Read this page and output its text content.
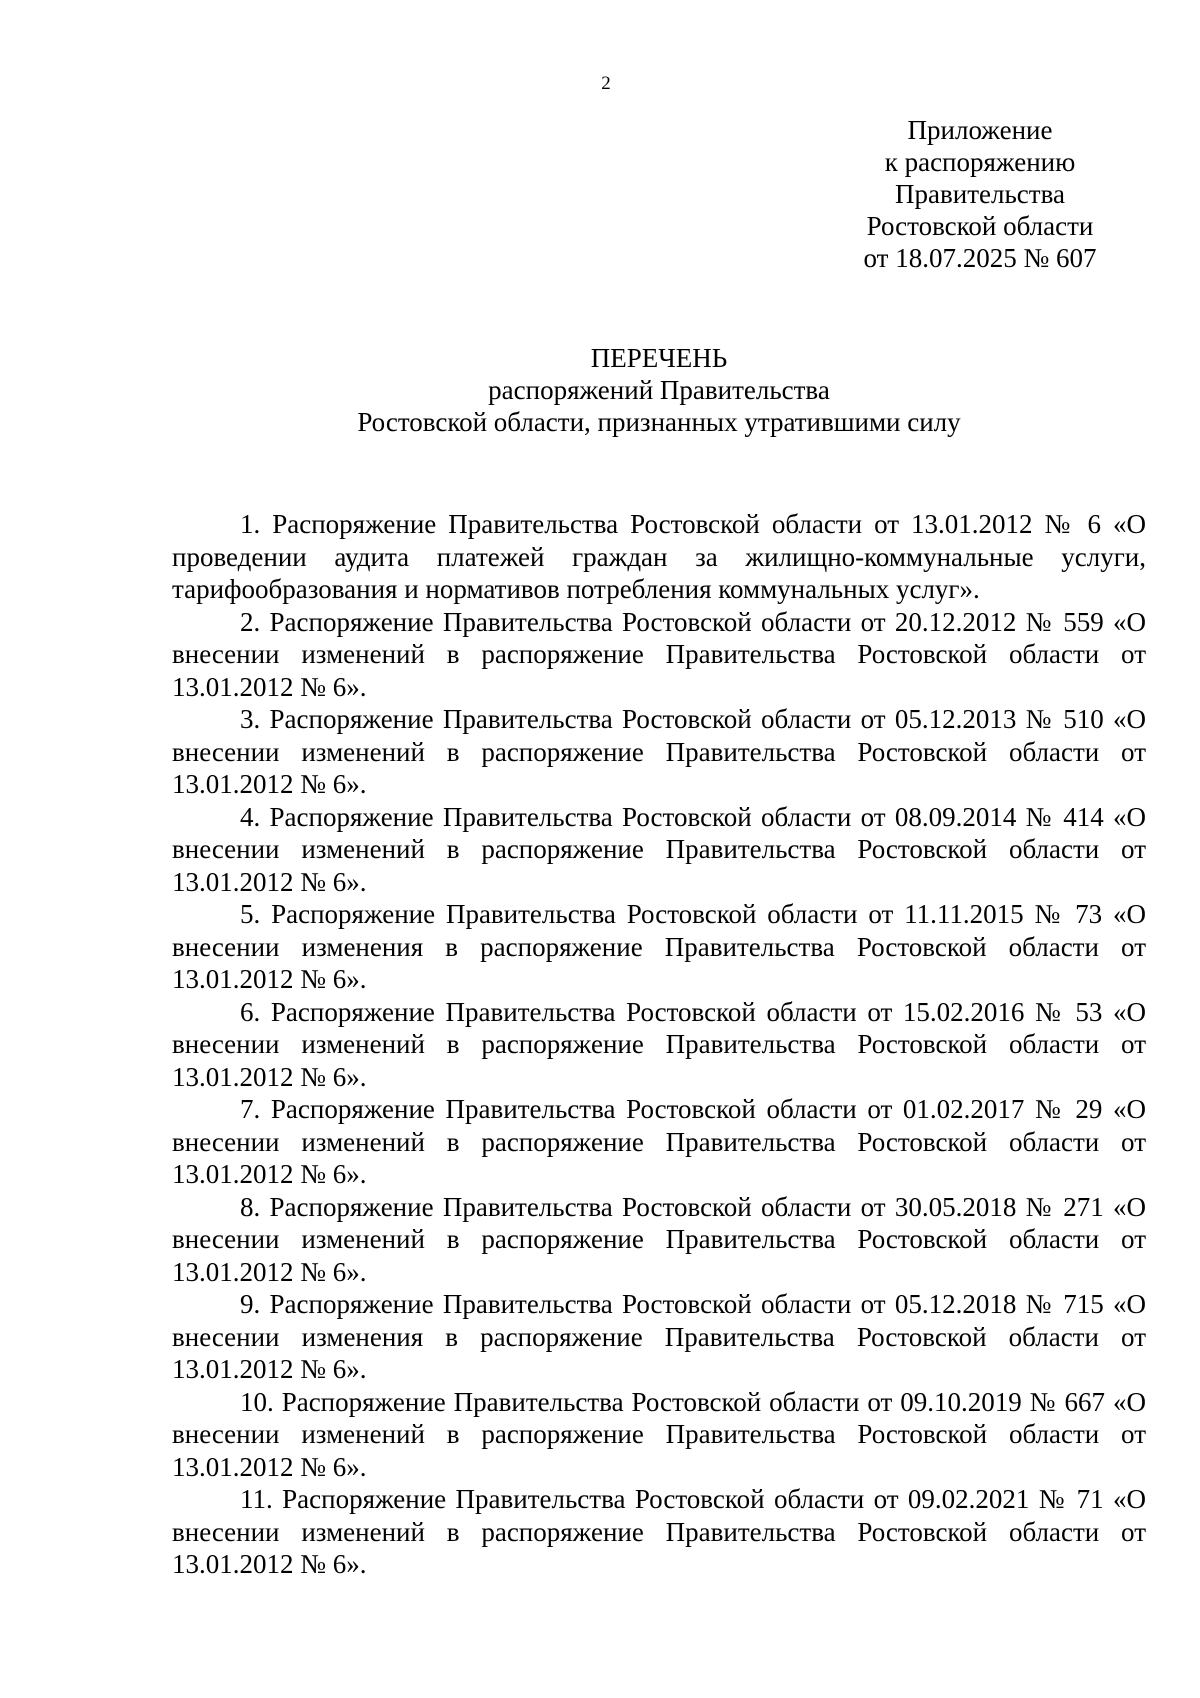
2
Приложение
к распоряжению
Правительства
Ростовской области
от 18.07.2025 № 607
ПЕРЕЧЕНЬ
распоряжений Правительства
Ростовской области, признанных утратившими силу

1. Распоряжение Правительства Ростовской области от 13.01.2012 № 6 «О проведении аудита платежей граждан за жилищно-коммунальные услуги, тарифообразования и нормативов потребления коммунальных услуг».

2. Распоряжение Правительства Ростовской области от 20.12.2012 № 559 «О внесении изменений в распоряжение Правительства Ростовской области от 13.01.2012 № 6».

3. Распоряжение Правительства Ростовской области от 05.12.2013 № 510 «О внесении изменений в распоряжение Правительства Ростовской области от 13.01.2012 № 6».

4. Распоряжение Правительства Ростовской области от 08.09.2014 № 414 «О внесении изменений в распоряжение Правительства Ростовской области от 13.01.2012 № 6».

5. Распоряжение Правительства Ростовской области от 11.11.2015 № 73 «О внесении изменения в распоряжение Правительства Ростовской области от 13.01.2012 № 6».

6. Распоряжение Правительства Ростовской области от 15.02.2016 № 53 «О внесении изменений в распоряжение Правительства Ростовской области от 13.01.2012 № 6».

7. Распоряжение Правительства Ростовской области от 01.02.2017 № 29 «О внесении изменений в распоряжение Правительства Ростовской области от 13.01.2012 № 6».

8. Распоряжение Правительства Ростовской области от 30.05.2018 № 271 «О внесении изменений в распоряжение Правительства Ростовской области от 13.01.2012 № 6».

9. Распоряжение Правительства Ростовской области от 05.12.2018 № 715 «О внесении изменения в распоряжение Правительства Ростовской области от 13.01.2012 № 6».

10. Распоряжение Правительства Ростовской области от 09.10.2019 № 667 «О внесении изменений в распоряжение Правительства Ростовской области от 13.01.2012 № 6».

11. Распоряжение Правительства Ростовской области от 09.02.2021 № 71 «О внесении изменений в распоряжение Правительства Ростовской области от 13.01.2012 № 6».
